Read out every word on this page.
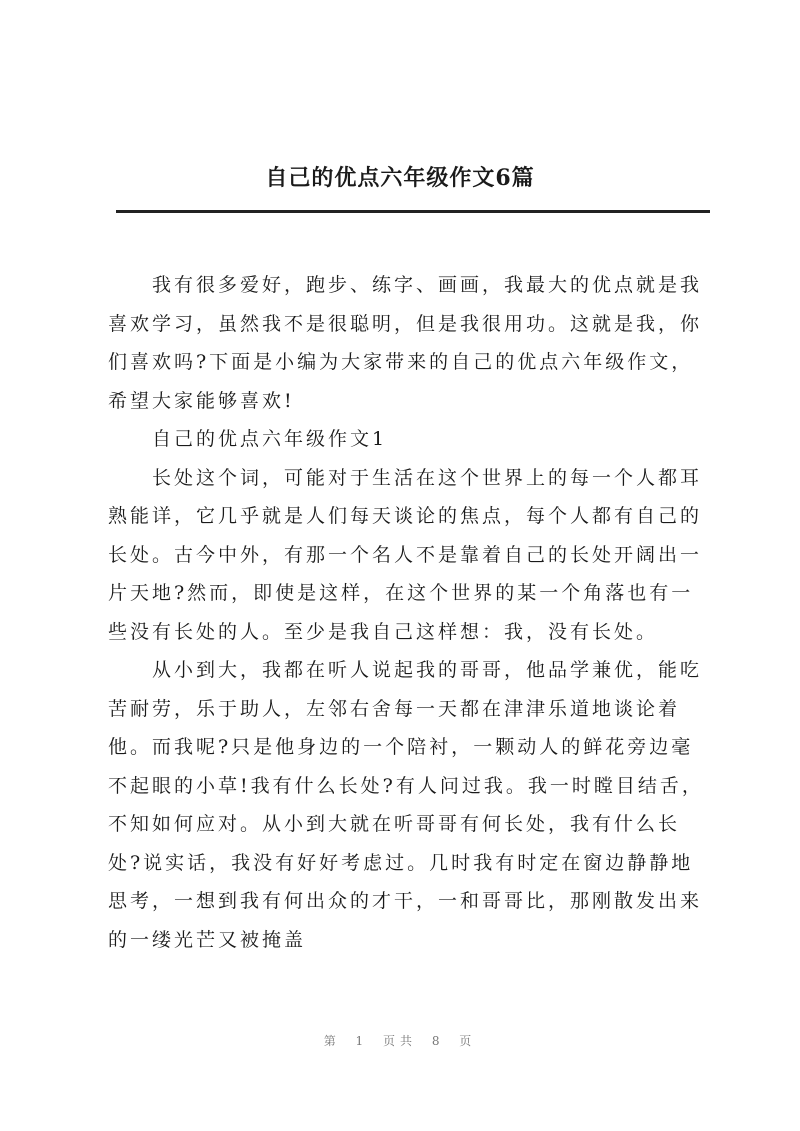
自己的优点六年级作文6篇

我有很多爱好，跑步、练字、画画，我最大的优点就是我喜欢学习，虽然我不是很聪明，但是我很用功。这就是我，你们喜欢吗?下面是小编为大家带来的自己的优点六年级作文，希望大家能够喜欢!

自己的优点六年级作文1

长处这个词，可能对于生活在这个世界上的每一个人都耳熟能详，它几乎就是人们每天谈论的焦点，每个人都有自己的长处。古今中外，有那一个名人不是靠着自己的长处开阔出一片天地?然而，即使是这样，在这个世界的某一个角落也有一些没有长处的人。至少是我自己这样想：我，没有长处。

从小到大，我都在听人说起我的哥哥，他品学兼优，能吃苦耐劳，乐于助人，左邻右舍每一天都在津津乐道地谈论着他。而我呢?只是他身边的一个陪衬，一颗动人的鲜花旁边毫不起眼的小草!我有什么长处?有人问过我。我一时瞠目结舌，不知如何应对。从小到大就在听哥哥有何长处，我有什么长处?说实话，我没有好好考虑过。几时我有时定在窗边静静地思考，一想到我有何出众的才干，一和哥哥比，那刚散发出来的一缕光芒又被掩盖

第 1 页共 8 页
